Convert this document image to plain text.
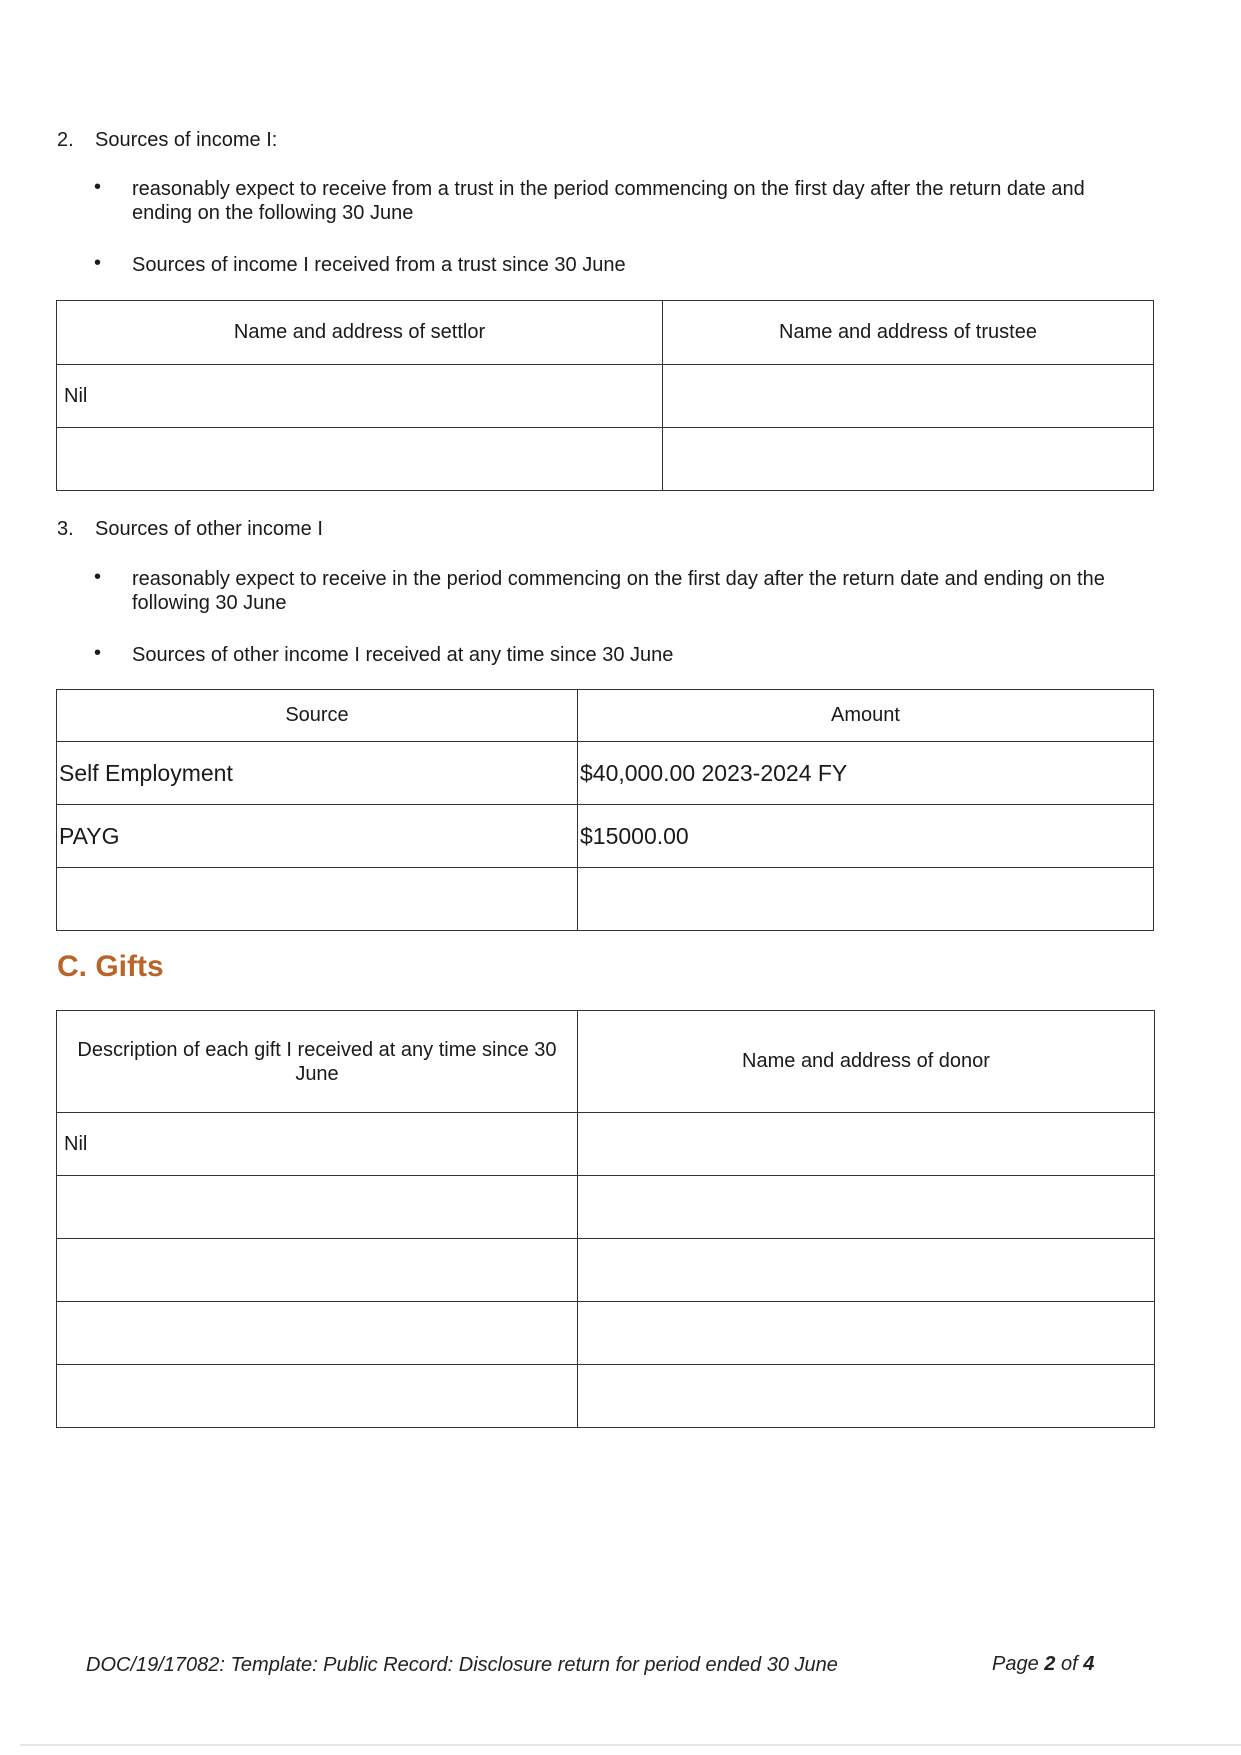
2. Sources of income I:
• reasonably expect to receive from a trust in the period commencing on the first day after the return date and
ending on the following 30 June
• Sources of income I received from a trust since 30 June
Name and address of settlor	Name and address of trustee
Nil	

3. Sources of other income I
• reasonably expect to receive in the period commencing on the first day after the return date and ending on the
following 30 June
• Sources of other income I received at any time since 30 June
Source	Amount
Self Employment	$40,000.00 2023-2024 FY
PAYG	$15000.00

C. Gifts
Description of each gift I received at any time since 30 June	Name and address of donor
Nil	

DOC/19/17082: Template: Public Record: Disclosure return for period ended 30 June	Page 2 of 4
